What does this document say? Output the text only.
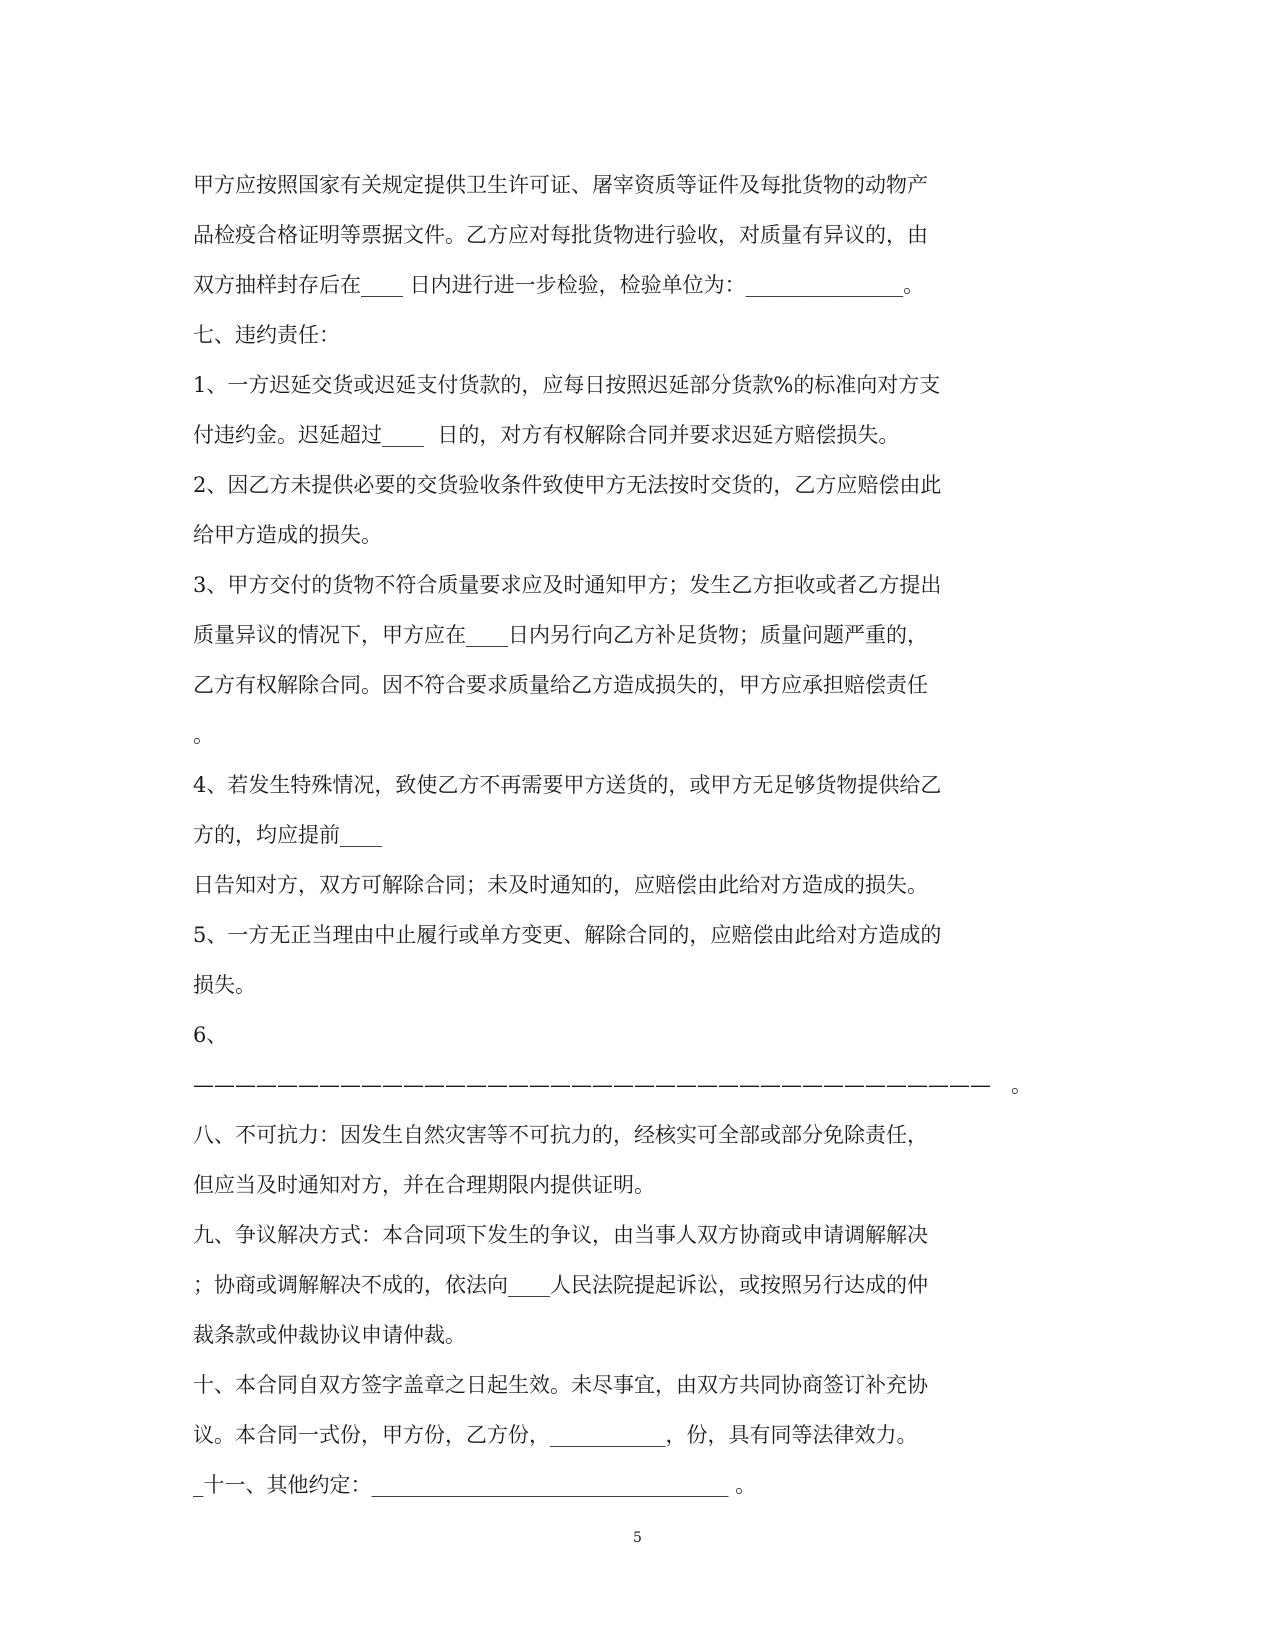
甲方应按照国家有关规定提供卫生许可证、屠宰资质等证件及每批货物的动物产

品检疫合格证明等票据文件。乙方应对每批货物进行验收，对质量有异议的，由

双方抽样封存后在____ 日内进行进一步检验，检验单位为：_______________。

七、违约责任：

1、一方迟延交货或迟延支付货款的，应每日按照迟延部分货款%的标准向对方支

付违约金。迟延超过____  日的，对方有权解除合同并要求迟延方赔偿损失。

2、因乙方未提供必要的交货验收条件致使甲方无法按时交货的，乙方应赔偿由此

给甲方造成的损失。

3、甲方交付的货物不符合质量要求应及时通知甲方；发生乙方拒收或者乙方提出

质量异议的情况下，甲方应在____日内另行向乙方补足货物；质量问题严重的，

乙方有权解除合同。因不符合要求质量给乙方造成损失的，甲方应承担赔偿责任

。

4、若发生特殊情况，致使乙方不再需要甲方送货的，或甲方无足够货物提供给乙

方的，均应提前____

日告知对方，双方可解除合同；未及时通知的，应赔偿由此给对方造成的损失。

5、一方无正当理由中止履行或单方变更、解除合同的，应赔偿由此给对方造成的

损失。

6、

——————————————————————————————————————   。

八、不可抗力：因发生自然灾害等不可抗力的，经核实可全部或部分免除责任，

但应当及时通知对方，并在合理期限内提供证明。

九、争议解决方式：本合同项下发生的争议，由当事人双方协商或申请调解解决

；协商或调解解决不成的，依法向____人民法院提起诉讼，或按照另行达成的仲

裁条款或仲裁协议申请仲裁。

十、本合同自双方签字盖章之日起生效。未尽事宜，由双方共同协商签订补充协

议。本合同一式份，甲方份，乙方份，___________，份，具有同等法律效力。

_十一、其他约定：__________________________________ 。

5
